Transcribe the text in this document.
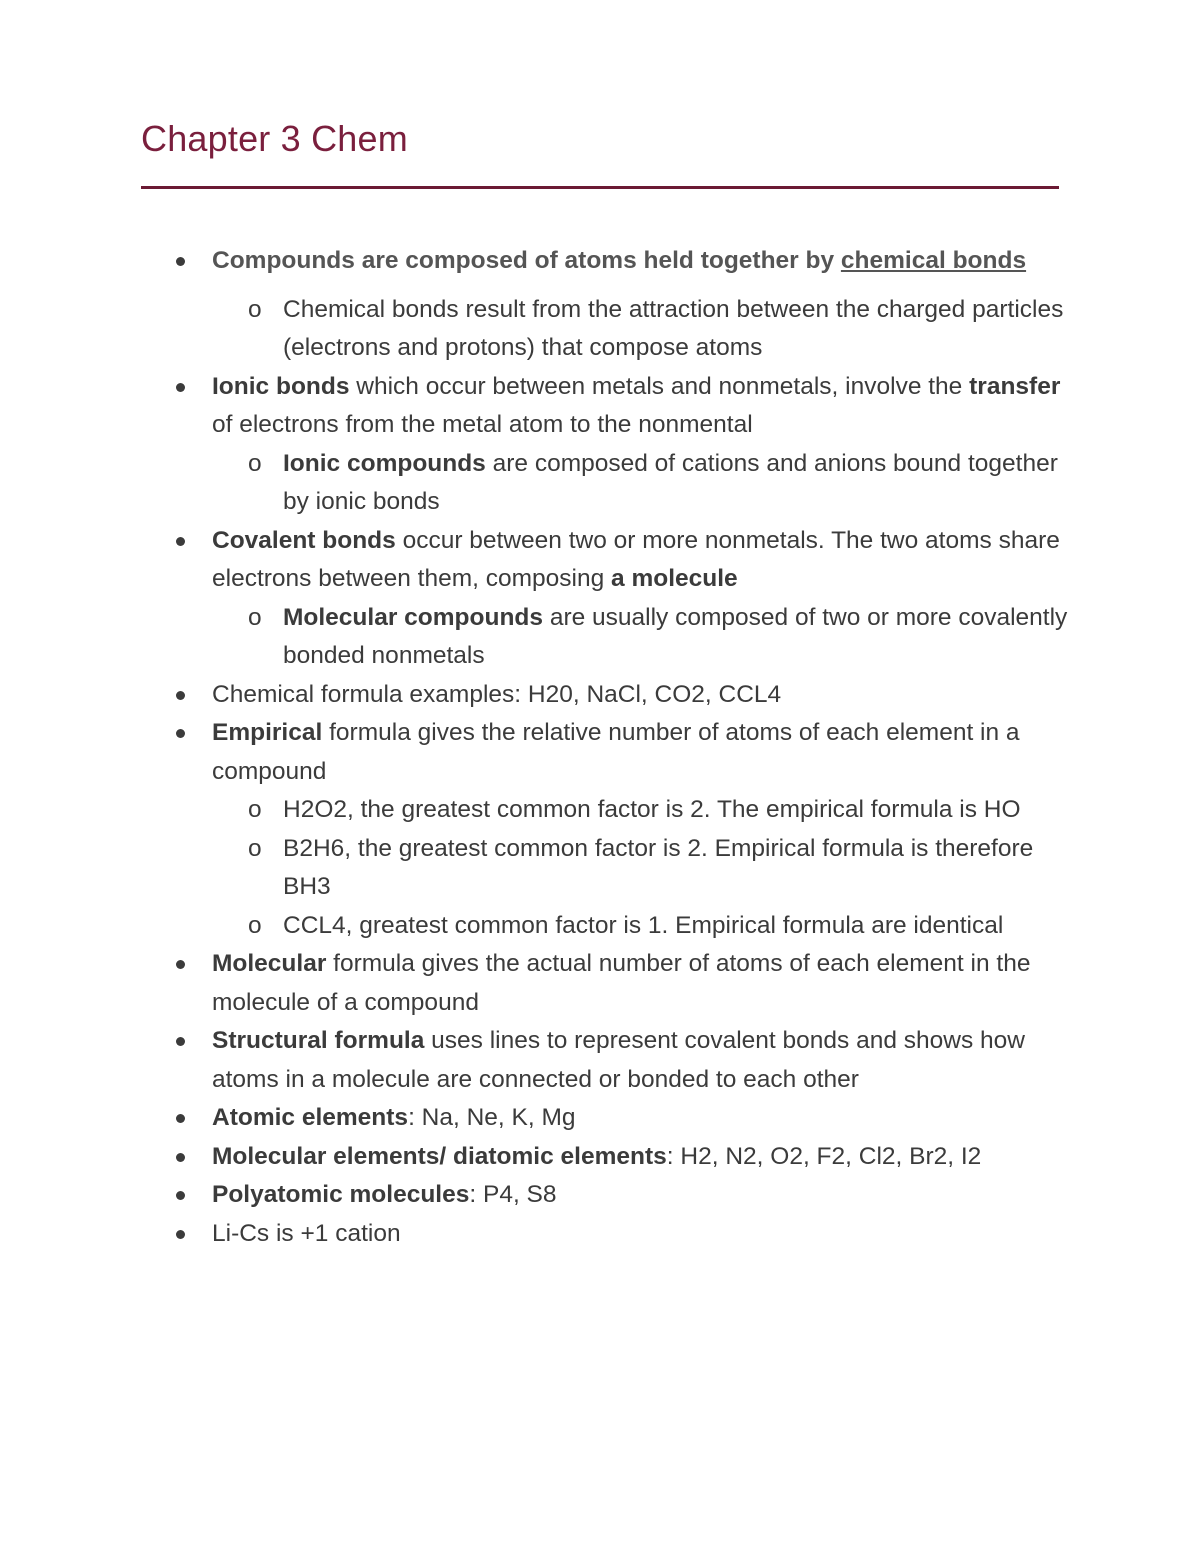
Chapter 3 Chem
Compounds are composed of atoms held together by chemical bonds
o Chemical bonds result from the attraction between the charged particles (electrons and protons) that compose atoms
Ionic bonds which occur between metals and nonmetals, involve the transfer of electrons from the metal atom to the nonmental
o Ionic compounds are composed of cations and anions bound together by ionic bonds
Covalent bonds occur between two or more nonmetals. The two atoms share electrons between them, composing a molecule
o Molecular compounds are usually composed of two or more covalently bonded nonmetals
Chemical formula examples: H20, NaCl, CO2, CCL4
Empirical formula gives the relative number of atoms of each element in a compound
o H2O2, the greatest common factor is 2. The empirical formula is HO
o B2H6, the greatest common factor is 2. Empirical formula is therefore BH3
o CCL4, greatest common factor is 1. Empirical formula are identical
Molecular formula gives the actual number of atoms of each element in the molecule of a compound
Structural formula uses lines to represent covalent bonds and shows how atoms in a molecule are connected or bonded to each other
Atomic elements: Na, Ne, K, Mg
Molecular elements/ diatomic elements: H2, N2, O2, F2, Cl2, Br2, I2
Polyatomic molecules: P4, S8
Li-Cs is +1 cation
